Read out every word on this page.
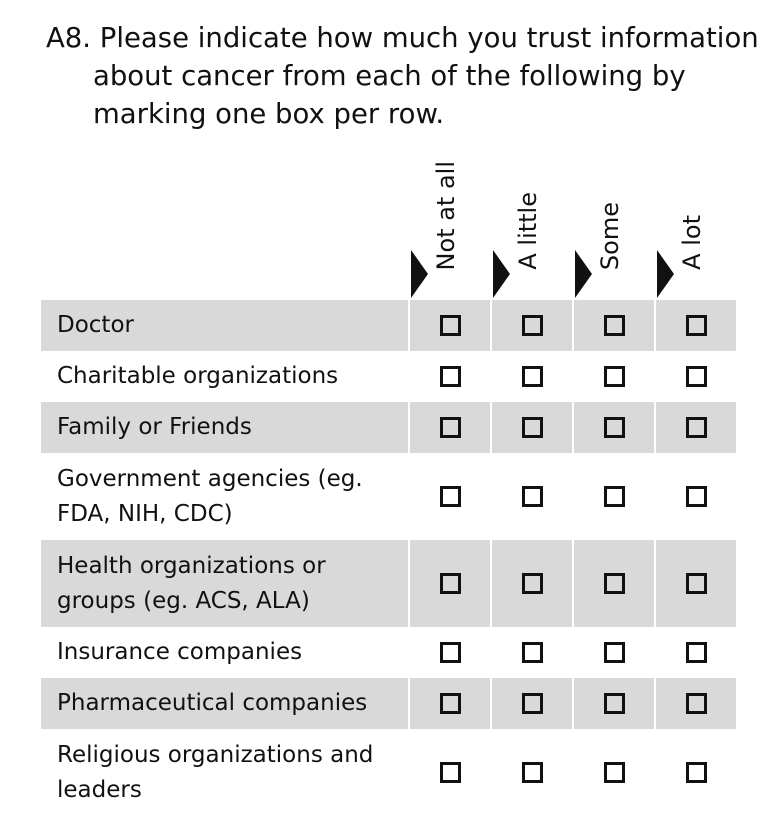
A8. Please indicate how much you trust information
about cancer from each of the following by
marking one box per row.
Not at all A little Some A lot
Doctor
Charitable organizations
Family or Friends
Government agencies (eg.
FDA, NIH, CDC)
Health organizations or
groups (eg. ACS, ALA)
Insurance companies
Pharmaceutical companies
Religious organizations and
leaders
